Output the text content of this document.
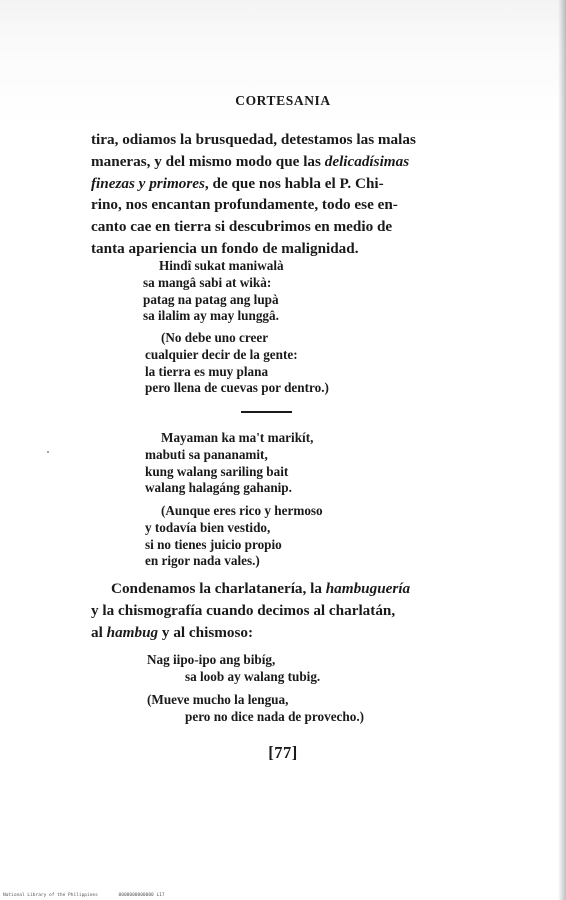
CORTESANIA
tira, odiamos la brusquedad, detestamos las malas
maneras, y del mismo modo que las delicadísimas
finezas y primores, de que nos habla el P. Chi-
rino, nos encantan profundamente, todo ese en-
canto cae en tierra si descubrimos en medio de
tanta apariencia un fondo de malignidad.
Hindî sukat maniwalà
sa mangâ sabi at wikà:
patag na patag ang lupà
sa ilalim ay may lunggâ.
(No debe uno creer
cualquier decir de la gente:
la tierra es muy plana
pero llena de cuevas por dentro.)
Mayaman ka ma't marikít,
mabuti sa pananamit,
kung walang sariling bait
walang halagáng gahanip.
(Aunque eres rico y hermoso
y todavía bien vestido,
si no tienes juicio propio
en rigor nada vales.)
Condenamos la charlatanería, la hambuguería
y la chismografía cuando decimos al charlatán,
al hambug y al chismoso:
Nag iipo-ipo ang bibíg,
sa loob ay walang tubig.
(Mueve mucho la lengua,
pero no dice nada de provecho.)
[77]
National Library of the Philippines	0000000000000 L17
